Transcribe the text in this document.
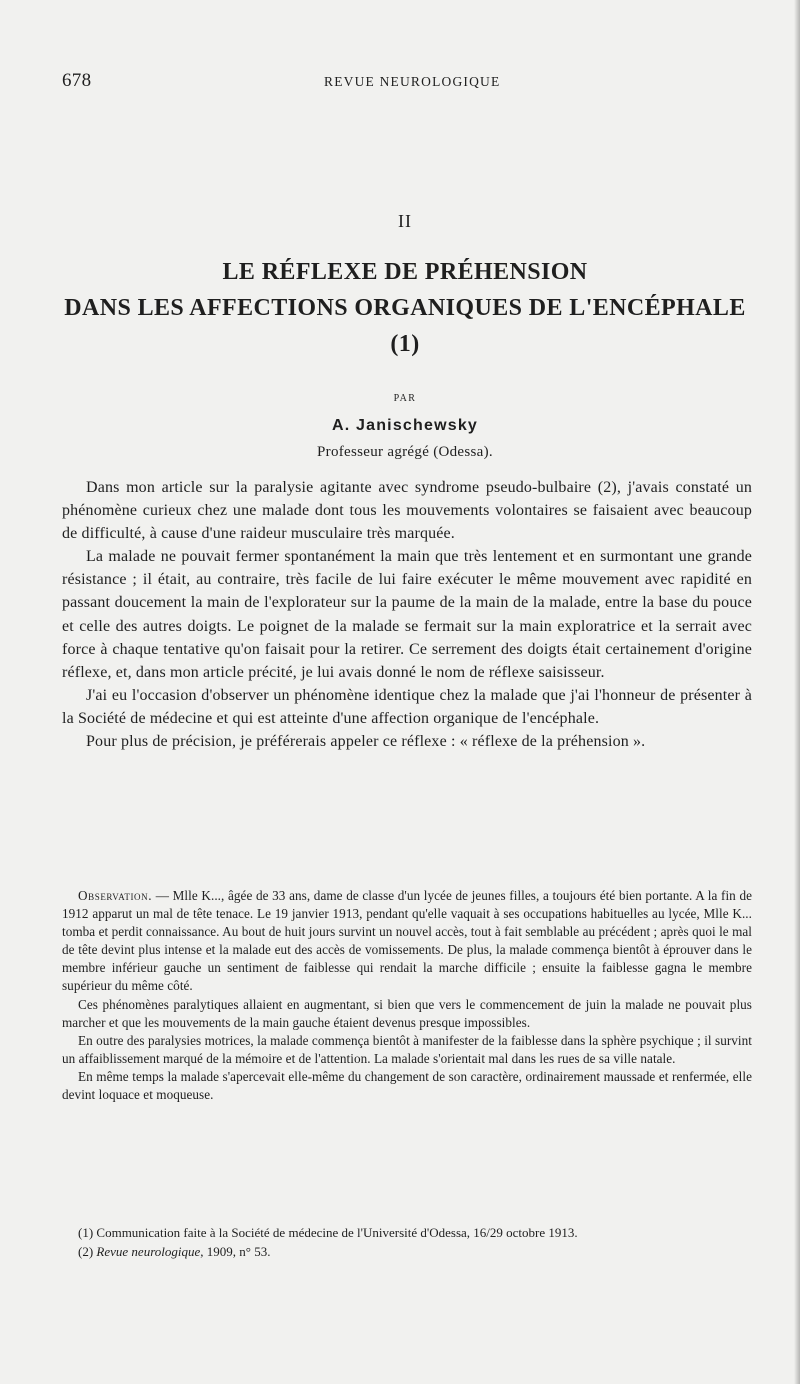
678	REVUE NEUROLOGIQUE
II
LE RÉFLEXE DE PRÉHENSION
DANS LES AFFECTIONS ORGANIQUES DE L'ENCÉPHALE (1)
PAR
A. Janischewsky
Professeur agrégé (Odessa).

Dans mon article sur la paralysie agitante avec syndrome pseudo-bulbaire (2), j'avais constaté un phénomène curieux chez une malade dont tous les mouvements volontaires se faisaient avec beaucoup de difficulté, à cause d'une raideur musculaire très marquée.

La malade ne pouvait fermer spontanément la main que très lentement et en surmontant une grande résistance ; il était, au contraire, très facile de lui faire exécuter le même mouvement avec rapidité en passant doucement la main de l'explorateur sur la paume de la main de la malade, entre la base du pouce et celle des autres doigts. Le poignet de la malade se fermait sur la main exploratrice et la serrait avec force à chaque tentative qu'on faisait pour la retirer. Ce serrement des doigts était certainement d'origine réflexe, et, dans mon article précité, je lui avais donné le nom de réflexe saisisseur.

J'ai eu l'occasion d'observer un phénomène identique chez la malade que j'ai l'honneur de présenter à la Société de médecine et qui est atteinte d'une affection organique de l'encéphale.

Pour plus de précision, je préférerais appeler ce réflexe : « réflexe de la préhension ».

Observation. — Mlle K..., âgée de 33 ans, dame de classe d'un lycée de jeunes filles, a toujours été bien portante. A la fin de 1912 apparut un mal de tête tenace. Le 19 janvier 1913, pendant qu'elle vaquait à ses occupations habituelles au lycée, Mlle K... tomba et perdit connaissance. Au bout de huit jours survint un nouvel accès, tout à fait semblable au précédent ; après quoi le mal de tête devint plus intense et la malade eut des accès de vomissements. De plus, la malade commença bientôt à éprouver dans le membre inférieur gauche un sentiment de faiblesse qui rendait la marche difficile ; ensuite la faiblesse gagna le membre supérieur du même côté.

Ces phénomènes paralytiques allaient en augmentant, si bien que vers le commencement de juin la malade ne pouvait plus marcher et que les mouvements de la main gauche étaient devenus presque impossibles.

En outre des paralysies motrices, la malade commença bientôt à manifester de la faiblesse dans la sphère psychique ; il survint un affaiblissement marqué de la mémoire et de l'attention. La malade s'orientait mal dans les rues de sa ville natale.

En même temps la malade s'apercevait elle-même du changement de son caractère, ordinairement maussade et renfermée, elle devint loquace et moqueuse.

(1) Communication faite à la Société de médecine de l'Université d'Odessa, 16/29 octobre 1913.

(2) Revue neurologique, 1909, n° 53.
